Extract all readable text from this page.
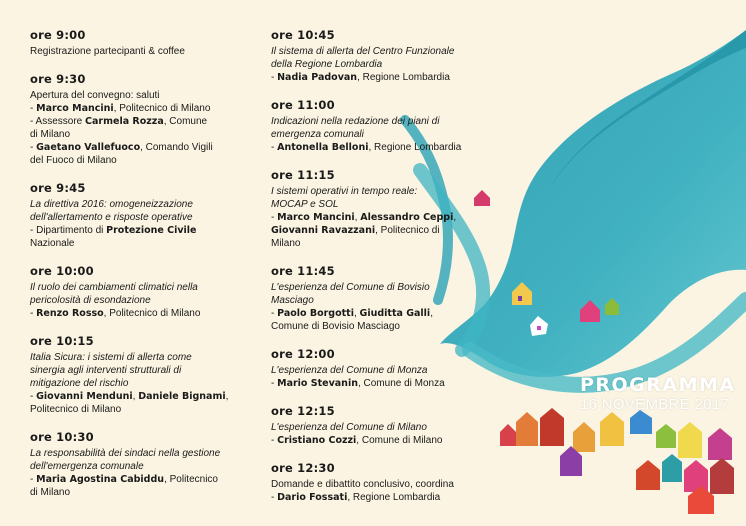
ore 9:00
Registrazione partecipanti & coffee
ore 9:30
Apertura del convegno: saluti
- Marco Mancini, Politecnico di Milano
- Assessore Carmela Rozza, Comune
di Milano
- Gaetano Vallefuoco, Comando Vigili
del Fuoco di Milano
ore 9:45
La direttiva 2016: omogeneizzazione
dell'allertamento e risposte operative
- Dipartimento di Protezione Civile
Nazionale
ore 10:00
Il ruolo dei cambiamenti climatici nella
pericolosità di esondazione
- Renzo Rosso, Politecnico di Milano
ore 10:15
Italia Sicura: i sistemi di allerta come
sinergia agli interventi strutturali di
mitigazione del rischio
- Giovanni Menduni, Daniele Bignami,
Politecnico di Milano
ore 10:30
La responsabilità dei sindaci nella gestione
dell'emergenza comunale
- Maria Agostina Cabiddu, Politecnico
di Milano
ore 10:45
Il sistema di allerta del Centro Funzionale
della Regione Lombardia
- Nadia Padovan, Regione Lombardia
ore 11:00
Indicazioni nella redazione dei piani di
emergenza comunali
- Antonella Belloni, Regione Lombardia
ore 11:15
I sistemi operativi in tempo reale:
MOCAP e SOL
- Marco Mancini, Alessandro Ceppi,
Giovanni Ravazzani, Politecnico di Milano
ore 11:45
L'esperienza del Comune di Bovisio
Masciago
- Paolo Borgotti, Giuditta Galli,
Comune di Bovisio Masciago
ore 12:00
L'esperienza del Comune di Monza
- Mario Stevanin, Comune di Monza
ore 12:15
L'esperienza del Comune di Milano
- Cristiano Cozzi, Comune di Milano
ore 12:30
Domande e dibattito conclusivo, coordina
- Dario Fossati, Regione Lombardia
PROGRAMMA
16 NOVEMBRE 2017
